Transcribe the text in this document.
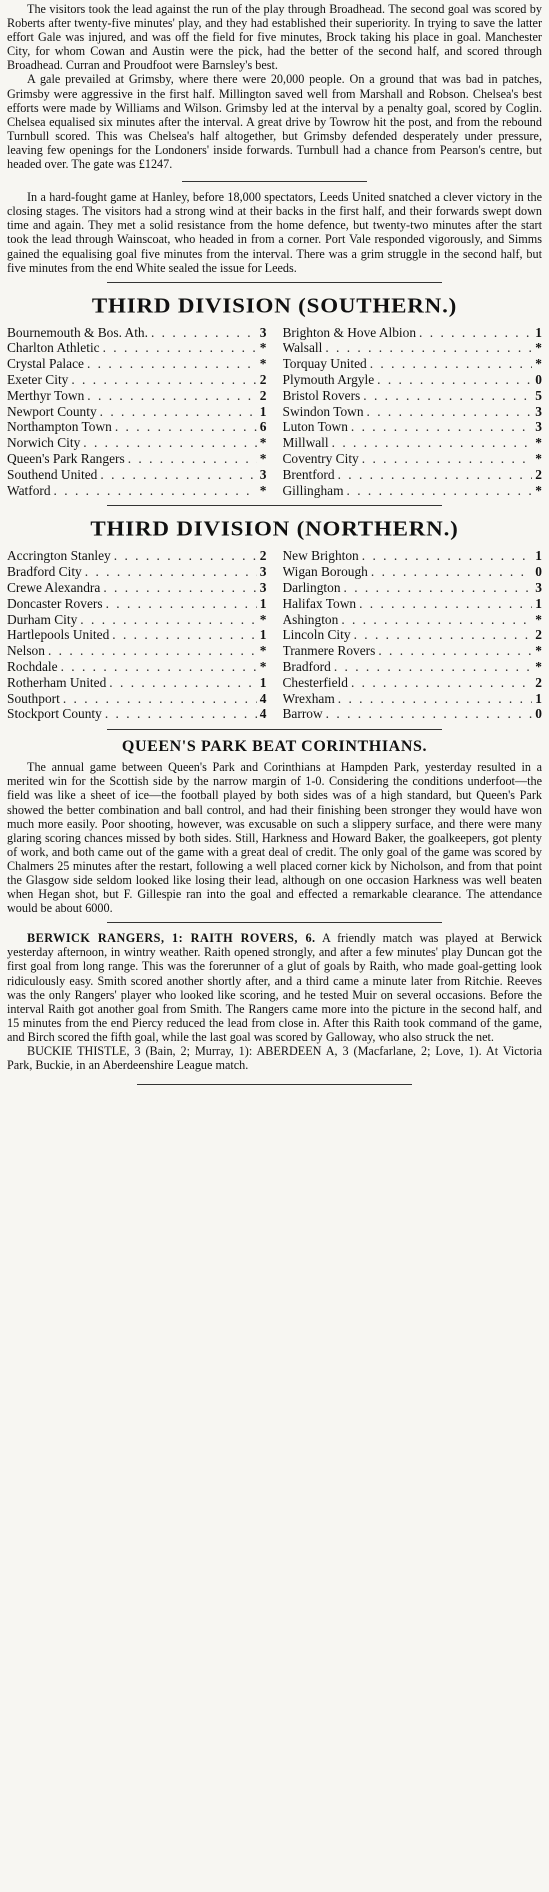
The visitors took the lead against the run of the play through Broadhead. The second goal was scored by Roberts after twenty-five minutes' play, and they had established their superiority. In trying to save the latter effort Gale was injured, and was off the field for five minutes, Brock taking his place in goal. Manchester City, for whom Cowan and Austin were the pick, had the better of the second half, and scored through Broadhead. Curran and Proudfoot were Barnsley's best.

A gale prevailed at Grimsby, where there were 20,000 people. On a ground that was bad in patches, Grimsby were aggressive in the first half. Millington saved well from Marshall and Robson. Chelsea's best efforts were made by Williams and Wilson. Grimsby led at the interval by a penalty goal, scored by Coglin. Chelsea equalised six minutes after the interval. A great drive by Towrow hit the post, and from the rebound Turnbull scored. This was Chelsea's half altogether, but Grimsby defended desperately under pressure, leaving few openings for the Londoners' inside forwards. Turnbull had a chance from Pearson's centre, but headed over. The gate was £1247.

In a hard-fought game at Hanley, before 18,000 spectators, Leeds United snatched a clever victory in the closing stages. The visitors had a strong wind at their backs in the first half, and their forwards swept down time and again. They met a solid resistance from the home defence, but twenty-two minutes after the start took the lead through Wainscoat, who headed in from a corner. Port Vale responded vigorously, and Simms gained the equalising goal five minutes from the interval. There was a grim struggle in the second half, but five minutes from the end White sealed the issue for Leeds.

THIRD DIVISION (SOUTHERN.)
Bournemouth & Bos. Ath. . . .	3 Brighton & Hove Albion . . .	1
Charlton Athletic . . .	* Walsall . . .	*
Crystal Palace . . .	* Torquay United . . .	*
Exeter City . . .	2 Plymouth Argyle . . .	0
Merthyr Town . . .	2 Bristol Rovers . . .	5
Newport County . . .	1 Swindon Town . . .	3
Northampton Town . . .	6 Luton Town . . .	3
Norwich City . . .	* Millwall . . .	*
Queen's Park Rangers . . .	* Coventry City . . .	*
Southend United . . .	3 Brentford . . .	2
Watford . . .	* Gillingham . . .	*
THIRD DIVISION (NORTHERN.)
Accrington Stanley . . .	2 New Brighton . . .	1
Bradford City . . .	3 Wigan Borough . . .	0
Crewe Alexandra . . .	3 Darlington . . .	3
Doncaster Rovers . . .	1 Halifax Town . . .	1
Durham City . . .	* Ashington . . .	*
Hartlepools United . . .	1 Lincoln City . . .	2
Nelson . . .	* Tranmere Rovers . . .	*
Rochdale . . .	* Bradford . . .	*
Rotherham United . . .	1 Chesterfield . . .	2
Southport . . .	4 Wrexham . . .	1
Stockport County . . .	4 Barrow . . .	0
QUEEN'S PARK BEAT CORINTHIANS.

The annual game between Queen's Park and Corinthians at Hampden Park, yesterday resulted in a merited win for the Scottish side by the narrow margin of 1-0. Considering the conditions underfoot—the field was like a sheet of ice—the football played by both sides was of a high standard, but Queen's Park showed the better combination and ball control, and had their finishing been stronger they would have won much more easily. Poor shooting, however, was excusable on such a slippery surface, and there were many glaring scoring chances missed by both sides. Still, Harkness and Howard Baker, the goalkeepers, got plenty of work, and both came out of the game with a great deal of credit. The only goal of the game was scored by Chalmers 25 minutes after the restart, following a well placed corner kick by Nicholson, and from that point the Glasgow side seldom looked like losing their lead, although on one occasion Harkness was well beaten when Hegan shot, but F. Gillespie ran into the goal and effected a remarkable clearance. The attendance would be about 6000.

BERWICK RANGERS, 1: RAITH ROVERS, 6. A friendly match was played at Berwick yesterday afternoon, in wintry weather. Raith opened strongly, and after a few minutes' play Duncan got the first goal from long range. This was the forerunner of a glut of goals by Raith, who made goal-getting look ridiculously easy. Smith scored another shortly after, and a third came a minute later from Ritchie. Reeves was the only Rangers' player who looked like scoring, and he tested Muir on several occasions. Before the interval Raith got another goal from Smith. The Rangers came more into the picture in the second half, and 15 minutes from the end Piercy reduced the lead from close in. After this Raith took command of the game, and Birch scored the fifth goal, while the last goal was scored by Galloway, who also struck the net.

BUCKIE THISTLE, 3 (Bain, 2; Murray, 1): ABERDEEN A, 3 (Macfarlane, 2; Love, 1). At Victoria Park, Buckie, in an Aberdeenshire League match.
